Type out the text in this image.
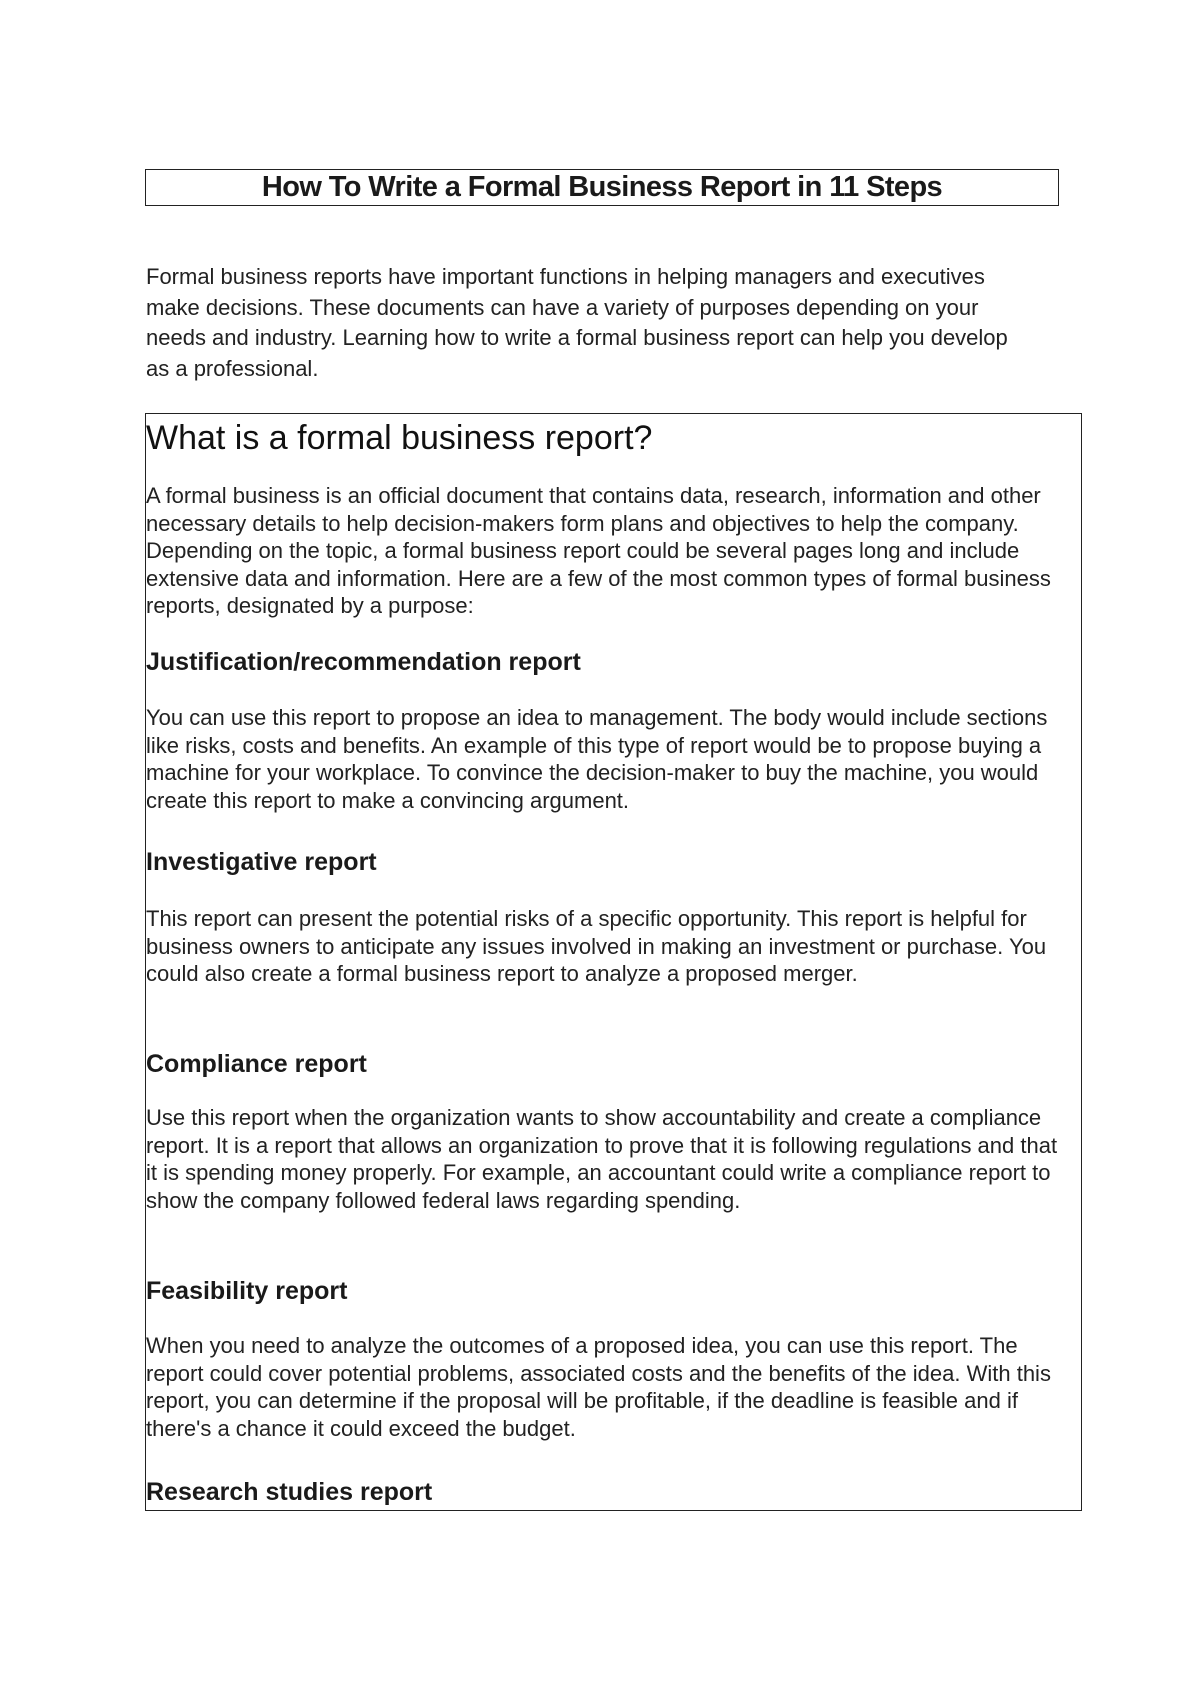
How To Write a Formal Business Report in 11 Steps

Formal business reports have important functions in helping managers and executives make decisions. These documents can have a variety of purposes depending on your needs and industry. Learning how to write a formal business report can help you develop as a professional.

What is a formal business report?

A formal business is an official document that contains data, research, information and other necessary details to help decision-makers form plans and objectives to help the company. Depending on the topic, a formal business report could be several pages long and include extensive data and information. Here are a few of the most common types of formal business reports, designated by a purpose:

Justification/recommendation report

You can use this report to propose an idea to management. The body would include sections like risks, costs and benefits. An example of this type of report would be to propose buying a machine for your workplace. To convince the decision-maker to buy the machine, you would create this report to make a convincing argument.

Investigative report

This report can present the potential risks of a specific opportunity. This report is helpful for business owners to anticipate any issues involved in making an investment or purchase. You could also create a formal business report to analyze a proposed merger.

Compliance report

Use this report when the organization wants to show accountability and create a compliance report. It is a report that allows an organization to prove that it is following regulations and that it is spending money properly. For example, an accountant could write a compliance report to show the company followed federal laws regarding spending.

Feasibility report

When you need to analyze the outcomes of a proposed idea, you can use this report. The report could cover potential problems, associated costs and the benefits of the idea. With this report, you can determine if the proposal will be profitable, if the deadline is feasible and if there's a chance it could exceed the budget.

Research studies report
